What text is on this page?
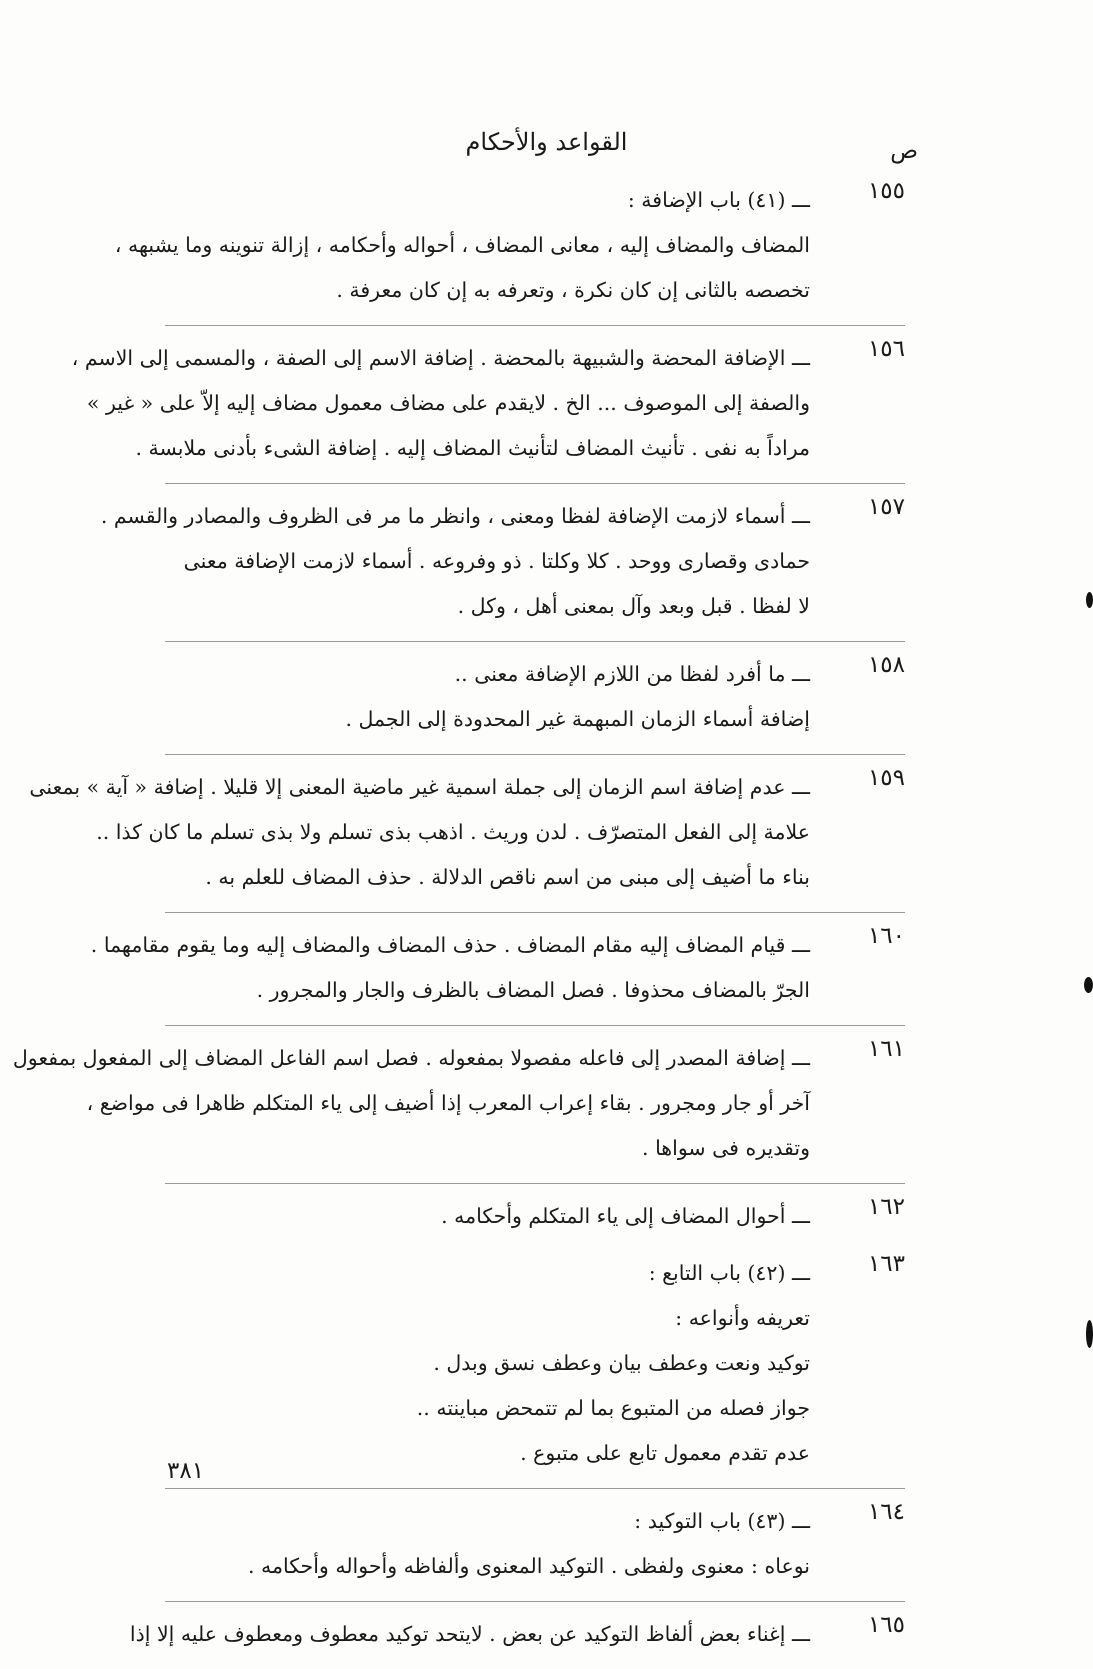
ص
القواعد والأحكام
١٥٥
ـــ (٤١) باب الإضافة :
المضاف والمضاف إليه ، معانى المضاف ، أحواله وأحكامه ، إزالة تنوينه وما يشبهه ،
تخصصه بالثانى إن كان نكرة ، وتعرفه به إن كان معرفة .
١٥٦
ـــ الإضافة المحضة والشبيهة بالمحضة . إضافة الاسم إلى الصفة ، والمسمى إلى الاسم ،
والصفة إلى الموصوف ... الخ . لايقدم على مضاف معمول مضاف إليه إلاّ على « غير »
مراداً به نفى . تأنيث المضاف لتأنيث المضاف إليه . إضافة الشىء بأدنى ملابسة .
١٥٧
ـــ أسماء لازمت الإضافة لفظا ومعنى ، وانظر ما مر فى الظروف والمصادر والقسم .
حمادى وقصارى ووحد . كلا وكلتا . ذو وفروعه . أسماء لازمت الإضافة معنى
لا لفظا . قبل وبعد وآل بمعنى أهل ، وكل .
١٥٨
ـــ ما أفرد لفظا من اللازم الإضافة معنى ..
إضافة أسماء الزمان المبهمة غير المحدودة إلى الجمل .
١٥٩
ـــ عدم إضافة اسم الزمان إلى جملة اسمية غير ماضية المعنى إلا قليلا . إضافة « آية » بمعنى
علامة إلى الفعل المتصرّف . لدن وريث . اذهب بذى تسلم ولا بذى تسلم ما كان كذا ..
بناء ما أضيف إلى مبنى من اسم ناقص الدلالة . حذف المضاف للعلم به .
١٦٠
ـــ قيام المضاف إليه مقام المضاف . حذف المضاف والمضاف إليه وما يقوم مقامهما .
الجرّ بالمضاف محذوفا . فصل المضاف بالظرف والجار والمجرور .
١٦١
ـــ إضافة المصدر إلى فاعله مفصولا بمفعوله . فصل اسم الفاعل المضاف إلى المفعول بمفعول
آخر أو جار ومجرور . بقاء إعراب المعرب إذا أضيف إلى ياء المتكلم ظاهرا فى مواضع ،
وتقديره فى سواها .
١٦٢
ـــ أحوال المضاف إلى ياء المتكلم وأحكامه .
١٦٣
ـــ (٤٢) باب التابع :
تعريفه وأنواعه :
توكيد ونعت وعطف بيان وعطف نسق وبدل .
جواز فصله من المتبوع بما لم تتمحض مباينته ..
عدم تقدم معمول تابع على متبوع .
١٦٤
ـــ (٤٣) باب التوكيد :
نوعاه : معنوى ولفظى . التوكيد المعنوى وألفاظه وأحواله وأحكامه .
١٦٥
ـــ إغناء بعض ألفاظ التوكيد عن بعض . لايتحد توكيد معطوف ومعطوف عليه إلا إذا
٣٨١
